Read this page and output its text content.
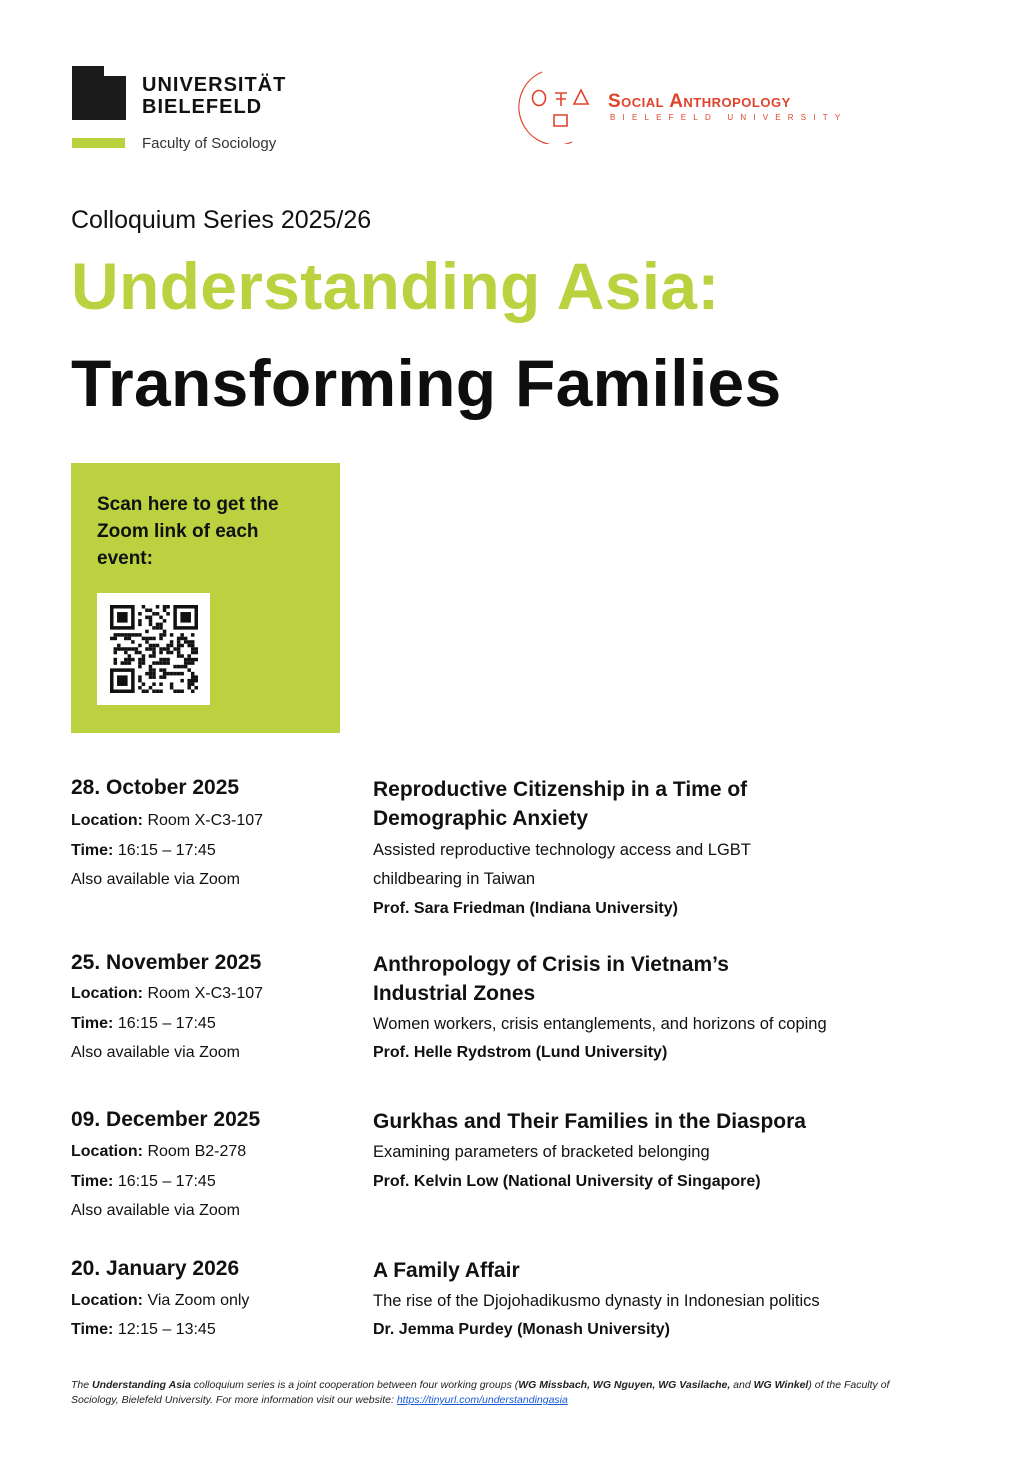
UNIVERSITÄT
BIELEFELD
Faculty of Sociology
Social Anthropology
BIELEFELD UNIVERSITY
Colloquium Series 2025/26
Understanding Asia:
Transforming Families
Scan here to get the Zoom link of each event:
28. October 2025
Location: Room X-C3-107
Time: 16:15 – 17:45
Also available via Zoom
Reproductive Citizenship in a Time of Demographic Anxiety
Assisted reproductive technology access and LGBT childbearing in Taiwan
Prof. Sara Friedman (Indiana University)
25. November 2025
Location: Room X-C3-107
Time: 16:15 – 17:45
Also available via Zoom
Anthropology of Crisis in Vietnam’s Industrial Zones
Women workers, crisis entanglements, and horizons of coping
Prof. Helle Rydstrom (Lund University)
09. December 2025
Location: Room B2-278
Time: 16:15 – 17:45
Also available via Zoom
Gurkhas and Their Families in the Diaspora
Examining parameters of bracketed belonging
Prof. Kelvin Low (National University of Singapore)
20. January 2026
Location: Via Zoom only
Time: 12:15 – 13:45
A Family Affair
The rise of the Djojohadikusmo dynasty in Indonesian politics
Dr. Jemma Purdey (Monash University)
The Understanding Asia colloquium series is a joint cooperation between four working groups (WG Missbach, WG Nguyen, WG Vasilache, and WG Winkel) of the Faculty of Sociology, Bielefeld University. For more information visit our website: https://tinyurl.com/understandingasia
